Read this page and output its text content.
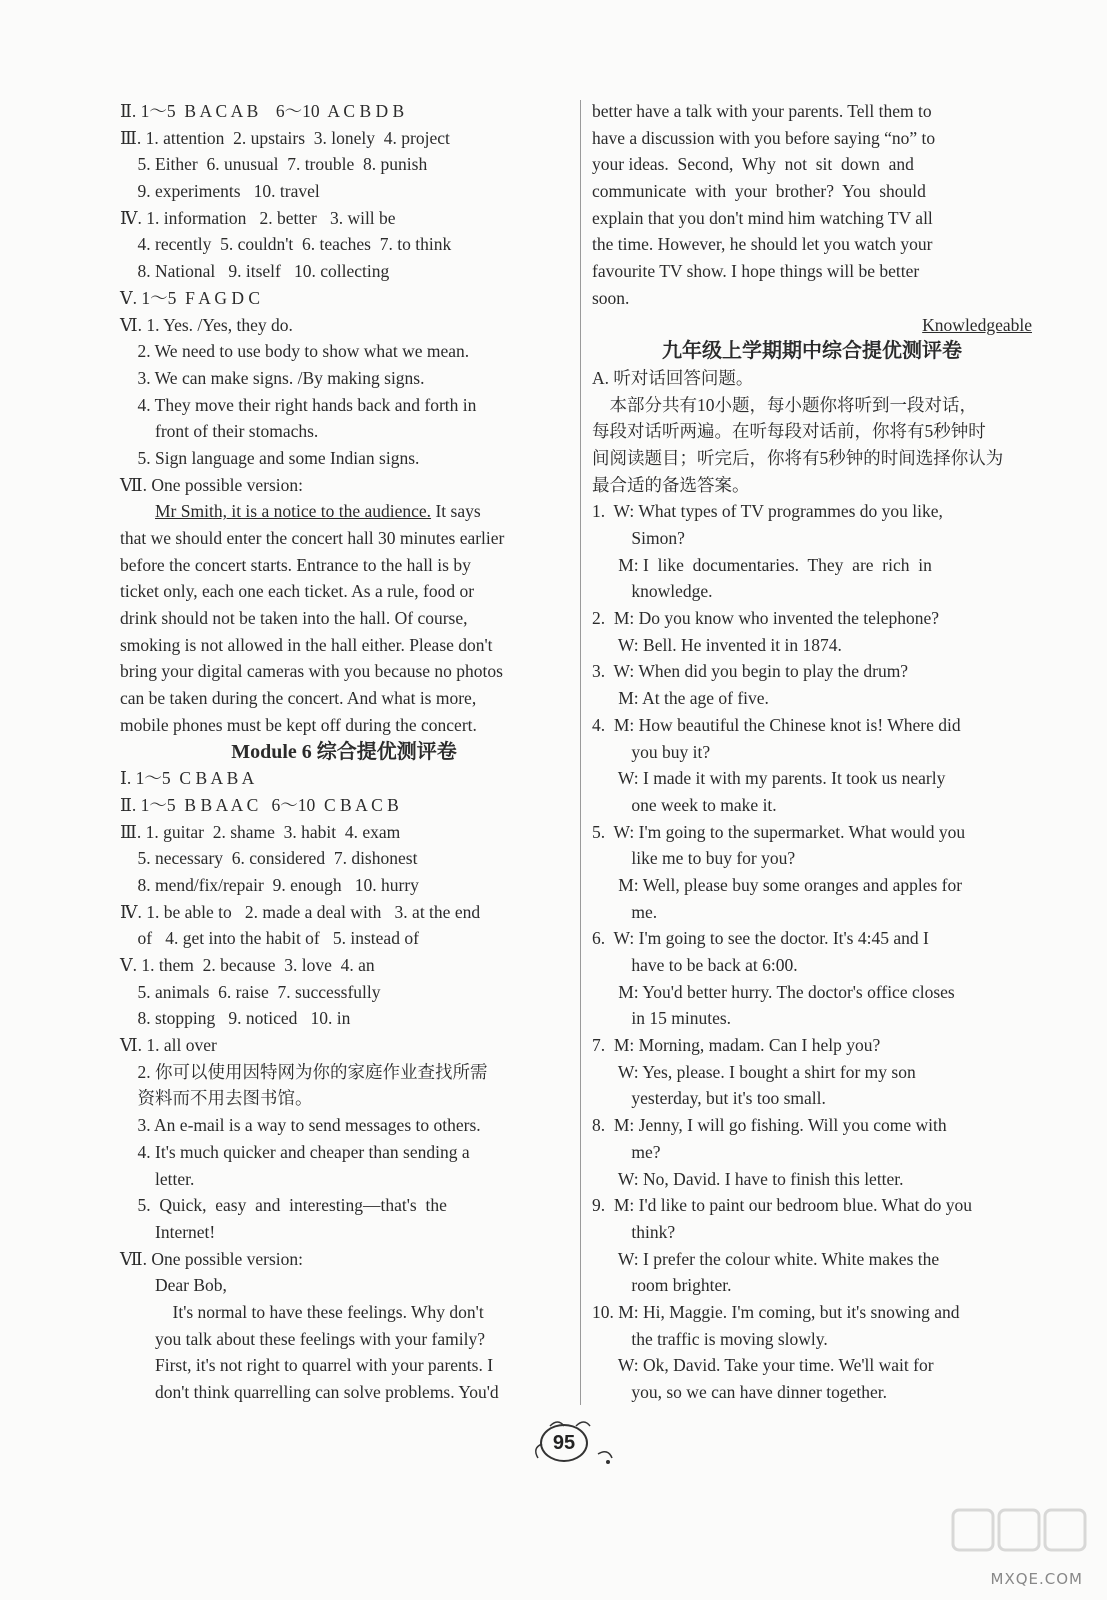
Ⅱ. 1～5  B A C A B    6～10  A C B D B
Ⅲ. 1. attention  2. upstairs  3. lonely  4. project
5. Either  6. unusual  7. trouble  8. punish
9. experiments   10. travel
Ⅳ. 1. information   2. better   3. will be
4. recently  5. couldn't  6. teaches  7. to think
8. National   9. itself   10. collecting
Ⅴ. 1～5  F A G D C
Ⅵ. 1. Yes. /Yes, they do.
2. We need to use body to show what we mean.
3. We can make signs. /By making signs.
4. They move their right hands back and forth in
front of their stomachs.
5. Sign language and some Indian signs.
Ⅶ. One possible version:
Mr Smith, it is a notice to the audience. It says
that we should enter the concert hall 30 minutes earlier
before the concert starts. Entrance to the hall is by
ticket only, each one each ticket. As a rule, food or
drink should not be taken into the hall. Of course,
smoking is not allowed in the hall either. Please don't
bring your digital cameras with you because no photos
can be taken during the concert. And what is more,
mobile phones must be kept off during the concert.
Module 6 综合提优测评卷
Ⅰ. 1～5  C B A B A
Ⅱ. 1～5  B B A A C   6～10  C B A C B
Ⅲ. 1. guitar  2. shame  3. habit  4. exam
5. necessary  6. considered  7. dishonest
8. mend/fix/repair  9. enough   10. hurry
Ⅳ. 1. be able to   2. made a deal with   3. at the end
of   4. get into the habit of   5. instead of
Ⅴ. 1. them  2. because  3. love  4. an
5. animals  6. raise  7. successfully
8. stopping   9. noticed   10. in
Ⅵ. 1. all over
2. 你可以使用因特网为你的家庭作业查找所需
资料而不用去图书馆。
3. An e-mail is a way to send messages to others.
4. It's much quicker and cheaper than sending a
letter.
5.  Quick,  easy  and  interesting—that's  the
Internet!
Ⅶ. One possible version:
Dear Bob,
It's normal to have these feelings. Why don't
you talk about these feelings with your family?
First, it's not right to quarrel with your parents. I
don't think quarrelling can solve problems. You'd
better have a talk with your parents. Tell them to
have a discussion with you before saying “no” to
your ideas.  Second,  Why  not  sit  down  and
communicate  with  your  brother?  You  should
explain that you don't mind him watching TV all
the time. However, he should let you watch your
favourite TV show. I hope things will be better
soon.
Knowledgeable
九年级上学期期中综合提优测评卷
A. 听对话回答问题。
本部分共有10小题，每小题你将听到一段对话，
每段对话听两遍。在听每段对话前，你将有5秒钟时
间阅读题目；听完后，你将有5秒钟的时间选择你认为
最合适的备选答案。
1.  W: What types of TV programmes do you like,
Simon?
M: I  like  documentaries.  They  are  rich  in
knowledge.
2.  M: Do you know who invented the telephone?
W: Bell. He invented it in 1874.
3.  W: When did you begin to play the drum?
M: At the age of five.
4.  M: How beautiful the Chinese knot is! Where did
you buy it?
W: I made it with my parents. It took us nearly
one week to make it.
5.  W: I'm going to the supermarket. What would you
like me to buy for you?
M: Well, please buy some oranges and apples for
me.
6.  W: I'm going to see the doctor. It's 4:45 and I
have to be back at 6:00.
M: You'd better hurry. The doctor's office closes
in 15 minutes.
7.  M: Morning, madam. Can I help you?
W: Yes, please. I bought a shirt for my son
yesterday, but it's too small.
8.  M: Jenny, I will go fishing. Will you come with
me?
W: No, David. I have to finish this letter.
9.  M: I'd like to paint our bedroom blue. What do you
think?
W: I prefer the colour white. White makes the
room brighter.
10. M: Hi, Maggie. I'm coming, but it's snowing and
the traffic is moving slowly.
W: Ok, David. Take your time. We'll wait for
you, so we can have dinner together.
95
MXQE.COM
